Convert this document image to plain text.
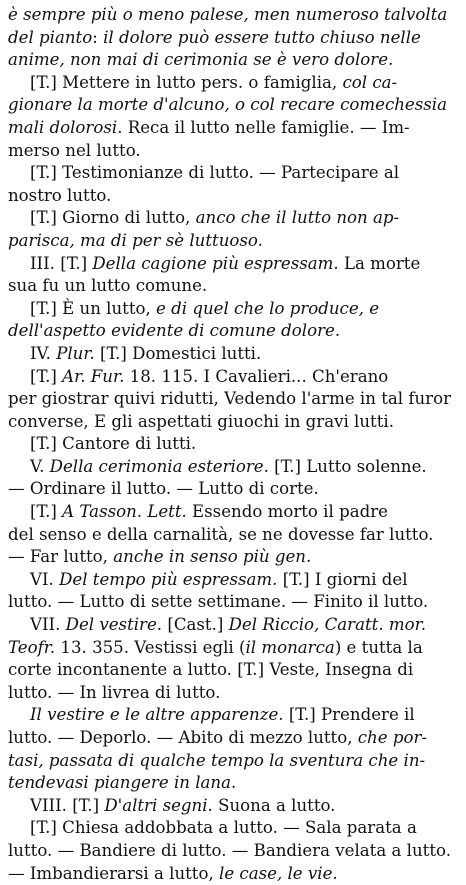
è sempre più o meno palese, men numeroso talvolta
del pianto: il dolore può essere tutto chiuso nelle
anime, non mai di cerimonia se è vero dolore.
[T.] Mettere in lutto pers. o famiglia, col ca-
gionare la morte d'alcuno, o col recare comechessia
mali dolorosi. Reca il lutto nelle famiglie. — Im-
merso nel lutto.
[T.] Testimonianze di lutto. — Partecipare al
nostro lutto.
[T.] Giorno di lutto, anco che il lutto non ap-
parisca, ma di per sè luttuoso.
III. [T.] Della cagione più espressam. La morte
sua fu un lutto comune.
[T.] È un lutto, e di quel che lo produce, e
dell'aspetto evidente di comune dolore.
IV. Plur. [T.] Domestici lutti.
[T.] Ar. Fur. 18. 115. I Cavalieri... Ch'erano
per giostrar quivi ridutti, Vedendo l'arme in tal furor
converse, E gli aspettati giuochi in gravi lutti.
[T.] Cantore di lutti.
V. Della cerimonia esteriore. [T.] Lutto solenne.
— Ordinare il lutto. — Lutto di corte.
[T.] A Tasson. Lett. Essendo morto il padre
del senso e della carnalità, se ne dovesse far lutto.
— Far lutto, anche in senso più gen.
VI. Del tempo più espressam. [T.] I giorni del
lutto. — Lutto di sette settimane. — Finito il lutto.
VII. Del vestire. [Cast.] Del Riccio, Caratt. mor.
Teofr. 13. 355. Vestissi egli (il monarca) e tutta la
corte incontanente a lutto. [T.] Veste, Insegna di
lutto. — In livrea di lutto.
Il vestire e le altre apparenze. [T.] Prendere il
lutto. — Deporlo. — Abito di mezzo lutto, che por-
tasi, passata di qualche tempo la sventura che in-
tendevasi piangere in lana.
VIII. [T.] D'altri segni. Suona a lutto.
[T.] Chiesa addobbata a lutto. — Sala parata a
lutto. — Bandiere di lutto. — Bandiera velata a lutto.
— Imbandierarsi a lutto, le case, le vie.
